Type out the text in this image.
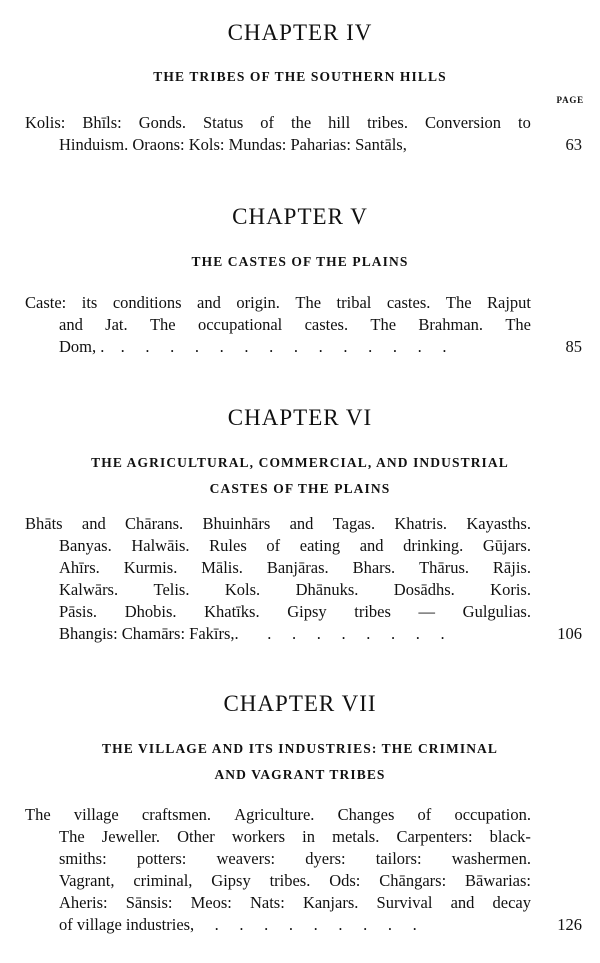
CHAPTER IV
THE TRIBES OF THE SOUTHERN HILLS
PAGE
Kolis: Bhīls: Gonds. Status of the hill tribes. Conversion to
Hinduism. Oraons: Kols: Mundas: Paharias: Santāls,	63
CHAPTER V
THE CASTES OF THE PLAINS
Caste: its conditions and origin. The tribal castes. The Rajput
and Jat. The occupational castes. The Brahman. The
Dom, . .     .     .     .     .     .     .     .     .     .     .     .     .     .	85
CHAPTER VI
THE AGRICULTURAL, COMMERCIAL, AND INDUSTRIAL
CASTES OF THE PLAINS
Bhāts and Chārans. Bhuinhārs and Tagas. Khatris. Kayasths.
Banyas. Halwāis. Rules of eating and drinking. Gūjars.
Ahīrs. Kurmis. Mālis. Banjāras. Bhars. Thārus. Rājis.
Kalwārs. Telis. Kols. Dhānuks. Dosādhs. Koris.
Pāsis. Dhobis. Khatīks. Gipsy tribes — Gulgulias.
Bhangis: Chamārs: Fakīrs,. .     .     .     .     .     .     .     .	106
CHAPTER VII
THE VILLAGE AND ITS INDUSTRIES: THE CRIMINAL
AND VAGRANT TRIBES
The village craftsmen. Agriculture. Changes of occupation.
The Jeweller. Other workers in metals. Carpenters: black-
smiths: potters: weavers: dyers: tailors: washermen.
Vagrant, criminal, Gipsy tribes. Ods: Chāngars: Bāwarias:
Aheris: Sānsis: Meos: Nats: Kanjars. Survival and decay
of village industries, .     .     .     .     .     .     .     .     .	126
